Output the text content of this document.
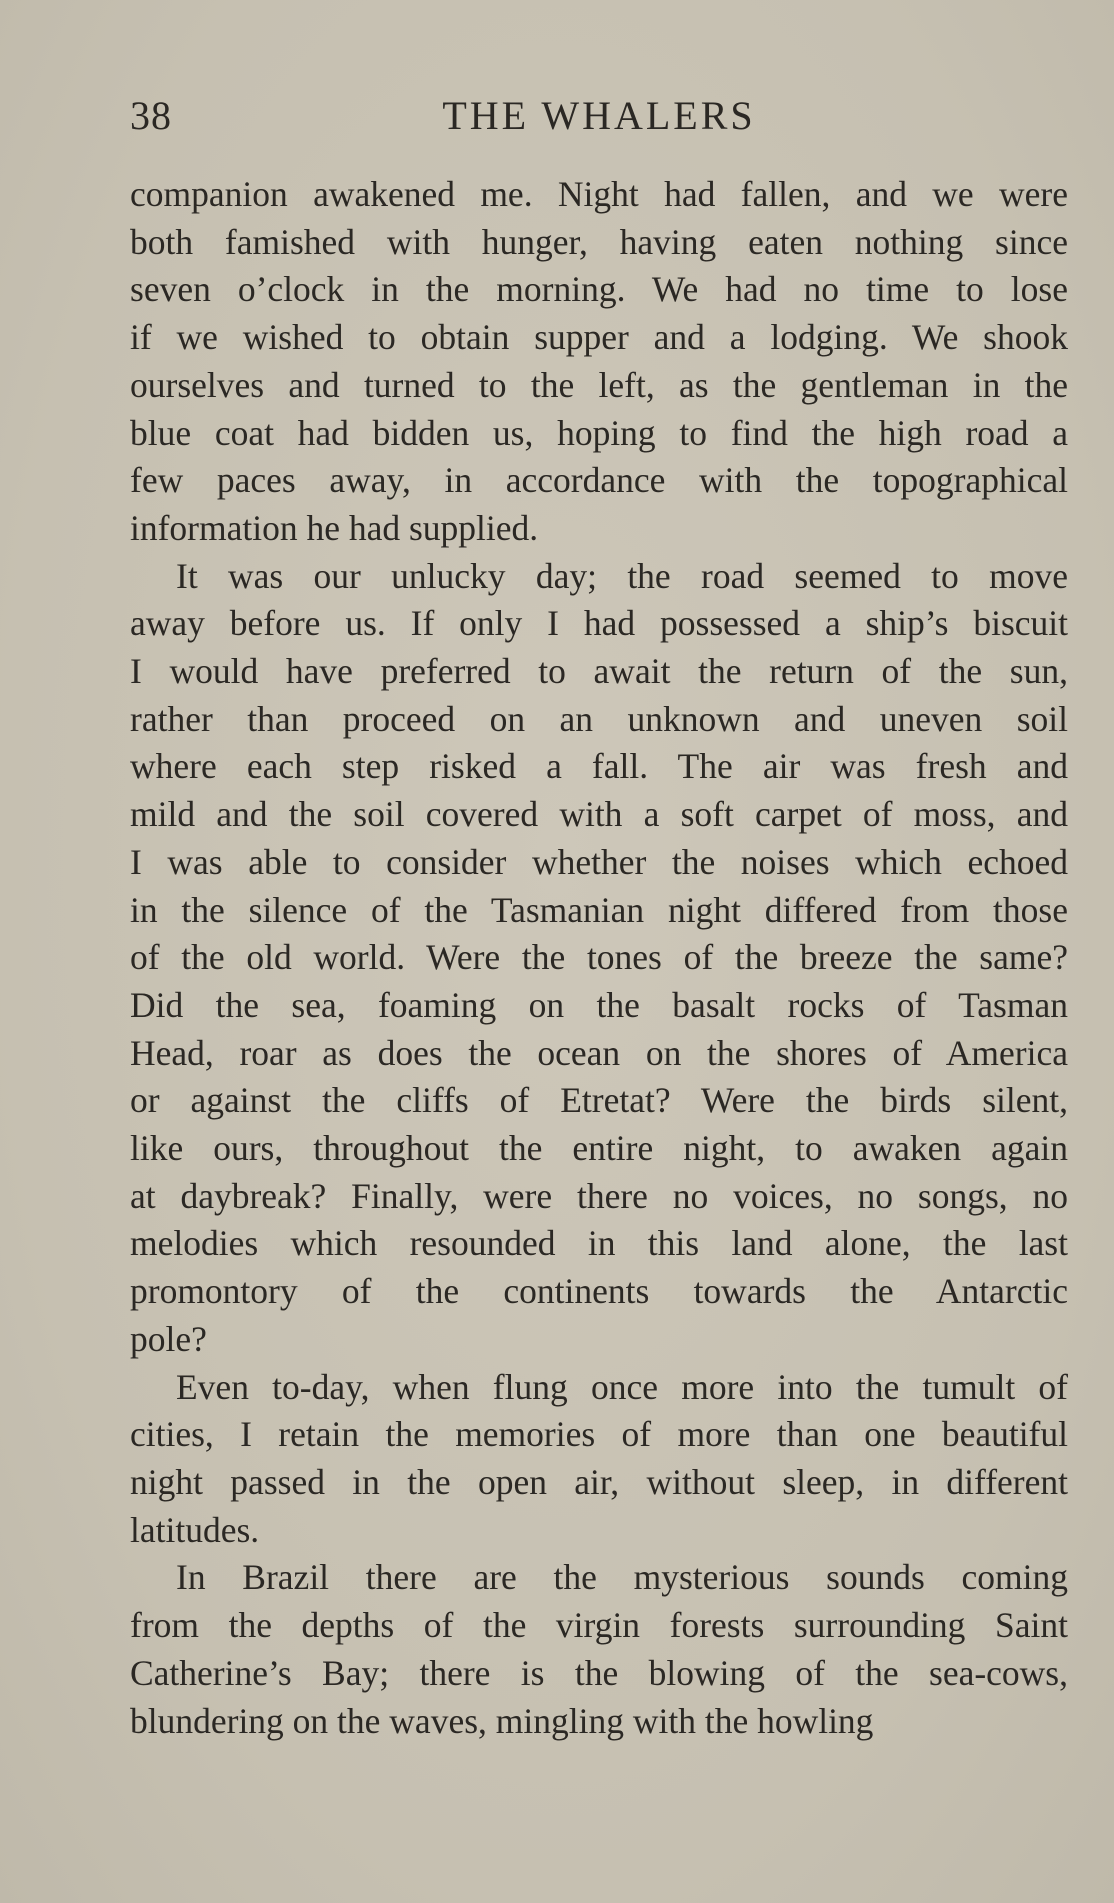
38	THE WHALERS
companion awakened me. Night had fallen, and we were
both famished with hunger, having eaten nothing since
seven o’clock in the morning. We had no time to lose
if we wished to obtain supper and a lodging. We shook
ourselves and turned to the left, as the gentleman in the
blue coat had bidden us, hoping to find the high road a
few paces away, in accordance with the topographical
information he had supplied.
It was our unlucky day; the road seemed to move
away before us. If only I had possessed a ship’s biscuit
I would have preferred to await the return of the sun,
rather than proceed on an unknown and uneven soil
where each step risked a fall. The air was fresh and
mild and the soil covered with a soft carpet of moss, and
I was able to consider whether the noises which echoed
in the silence of the Tasmanian night differed from those
of the old world. Were the tones of the breeze the same?
Did the sea, foaming on the basalt rocks of Tasman
Head, roar as does the ocean on the shores of America
or against the cliffs of Etretat? Were the birds silent,
like ours, throughout the entire night, to awaken again
at daybreak? Finally, were there no voices, no songs, no
melodies which resounded in this land alone, the last
promontory of the continents towards the Antarctic
pole?
Even to-day, when flung once more into the tumult of
cities, I retain the memories of more than one beautiful
night passed in the open air, without sleep, in different
latitudes.
In Brazil there are the mysterious sounds coming
from the depths of the virgin forests surrounding Saint
Catherine’s Bay; there is the blowing of the sea-cows,
blundering on the waves, mingling with the howling
